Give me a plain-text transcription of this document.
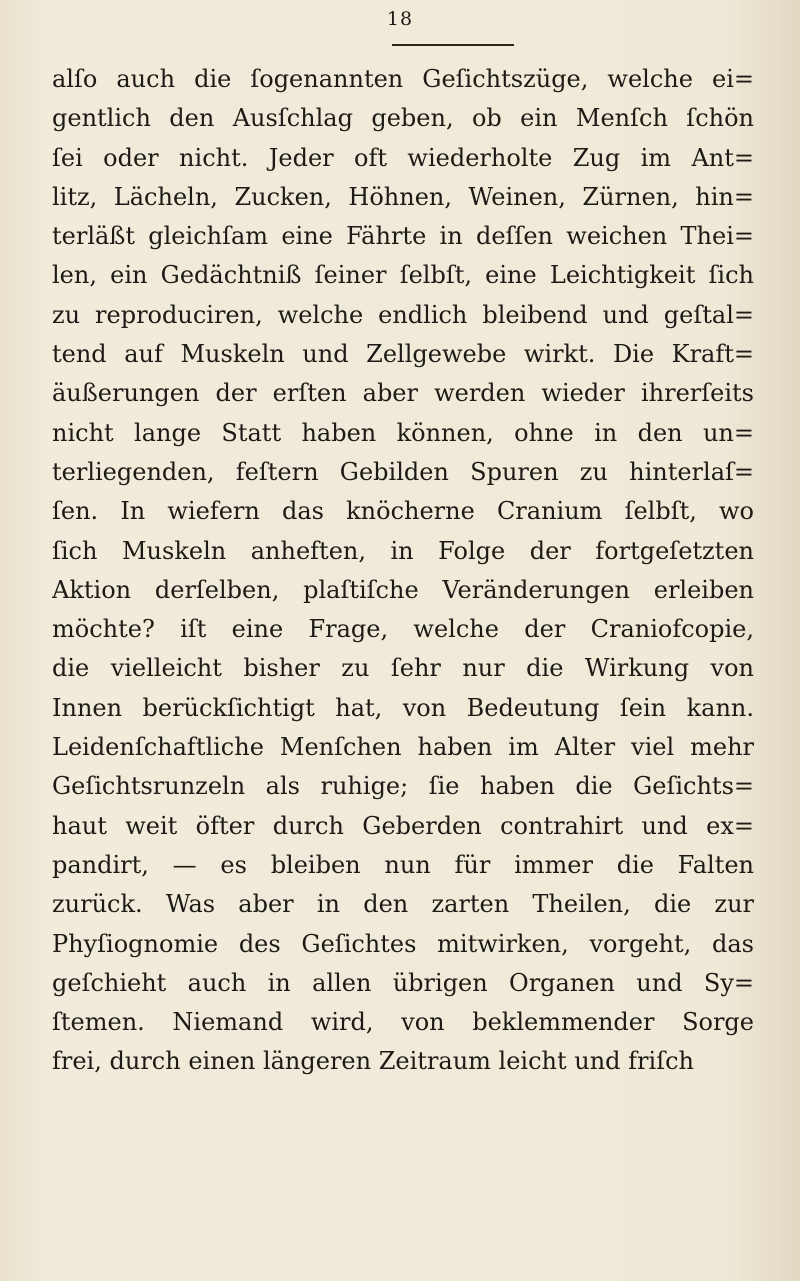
18
alſo auch die ſogenannten Geſichtszüge, welche ei=
gentlich den Ausſchlag geben, ob ein Menſch ſchön
ſei oder nicht. Jeder oft wiederholte Zug im Ant=
litz, Lächeln, Zucken, Höhnen, Weinen, Zürnen, hin=
terläßt gleichſam eine Fährte in deſſen weichen Thei=
len, ein Gedächtniß ſeiner ſelbſt, eine Leichtigkeit ſich
zu reproduciren, welche endlich bleibend und geſtal=
tend auf Muskeln und Zellgewebe wirkt. Die Kraft=
äußerungen der erſten aber werden wieder ihrerſeits
nicht lange Statt haben können, ohne in den un=
terliegenden, feſtern Gebilden Spuren zu hinterlaſ=
ſen. In wiefern das knöcherne Cranium ſelbſt, wo
ſich Muskeln anheften, in Folge der fortgeſetzten
Aktion derſelben, plaſtiſche Veränderungen erleiben
möchte? iſt eine Frage, welche der Craniofcopie,
die vielleicht bisher zu ſehr nur die Wirkung von
Innen berückſichtigt hat, von Bedeutung ſein kann.
Leidenſchaftliche Menſchen haben im Alter viel mehr
Geſichtsrunzeln als ruhige; ſie haben die Geſichts=
haut weit öfter durch Geberden contrahirt und ex=
pandirt, — es bleiben nun für immer die Falten
zurück. Was aber in den zarten Theilen, die zur
Phyſiognomie des Geſichtes mitwirken, vorgeht, das
geſchieht auch in allen übrigen Organen und Sy=
ſtemen. Niemand wird, von beklemmender Sorge
frei, durch einen längeren Zeitraum leicht und friſch
